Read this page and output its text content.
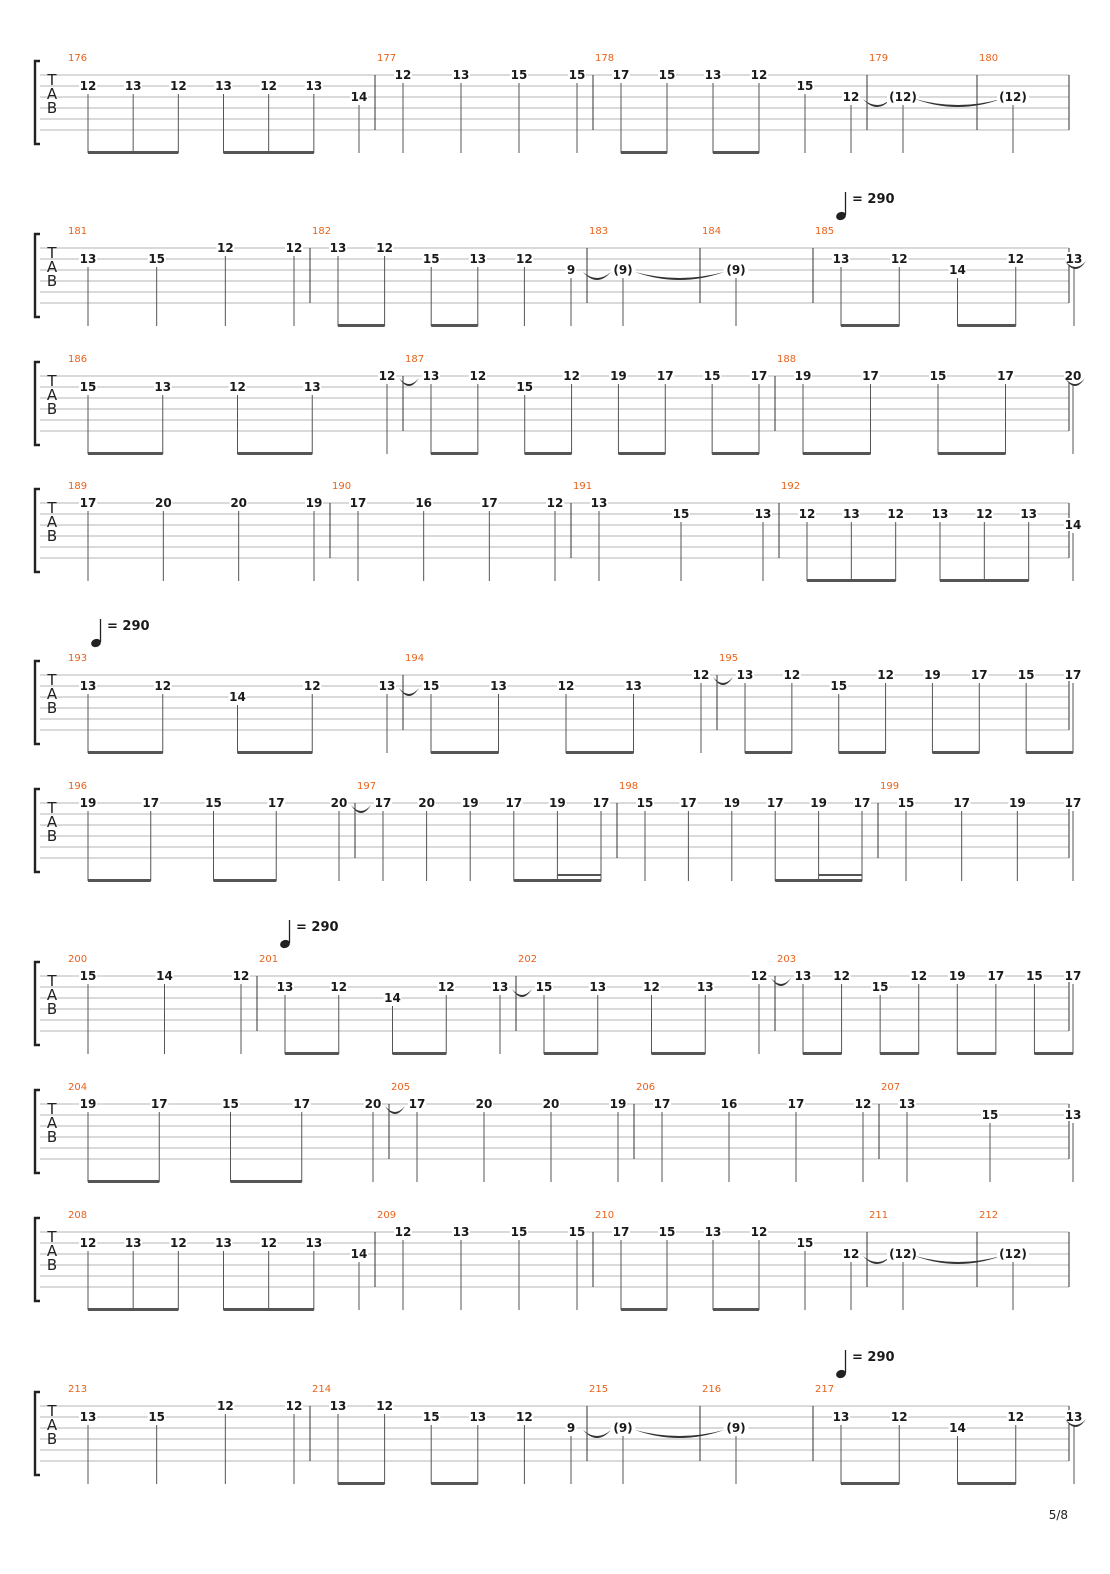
T
A
B
176
12 13 12 13 12 13
14
177
12	13	15	15
178
17 15 13 12
15
12
179
(12)
180
(12)
T
A
B
181
13	15
12	12
182
13 12
15 13 12
9
183
(9)
184
(9)
185
13	12
14
12	13
= 290
T
A
B
186
15	13	12	13
12
187
13	12
15
12	19	17	15	17
188
19	17	15	17	20
T
A
B
189
17	20	20	19
190
17	16	17	12
191
13
15	13
192
12 13 12 13 12 13
14
T
A
B
193
13	12
14
12	13
= 290
194
15	13	12	13
12
195
13	12
15
12	19	17	15	17
T
A
B
196
19	17	15	17	20
197
17 20 19 17 19 17
198
15 17 19 17 19 17
199
15	17	19	17
T
A
B
200
15	14	12
201
13	12
14
12	13
= 290
202
15	13	12	13
12
203
13 12
15
12 19 17 15 17
T
A
B
204
19	17	15	17	20
205
17	20	20	19
206
17	16	17	12
207
13
15	13
T
A
B
208
12 13 12 13 12 13
14
209
12	13	15	15
210
17 15 13 12
15
12
211
(12)
212
(12)
T
A
B
213
13	15
12	12
214
13 12
15 13 12
9
215
(9)
216
(9)
217
13	12
14
12	13
= 290
5/8
